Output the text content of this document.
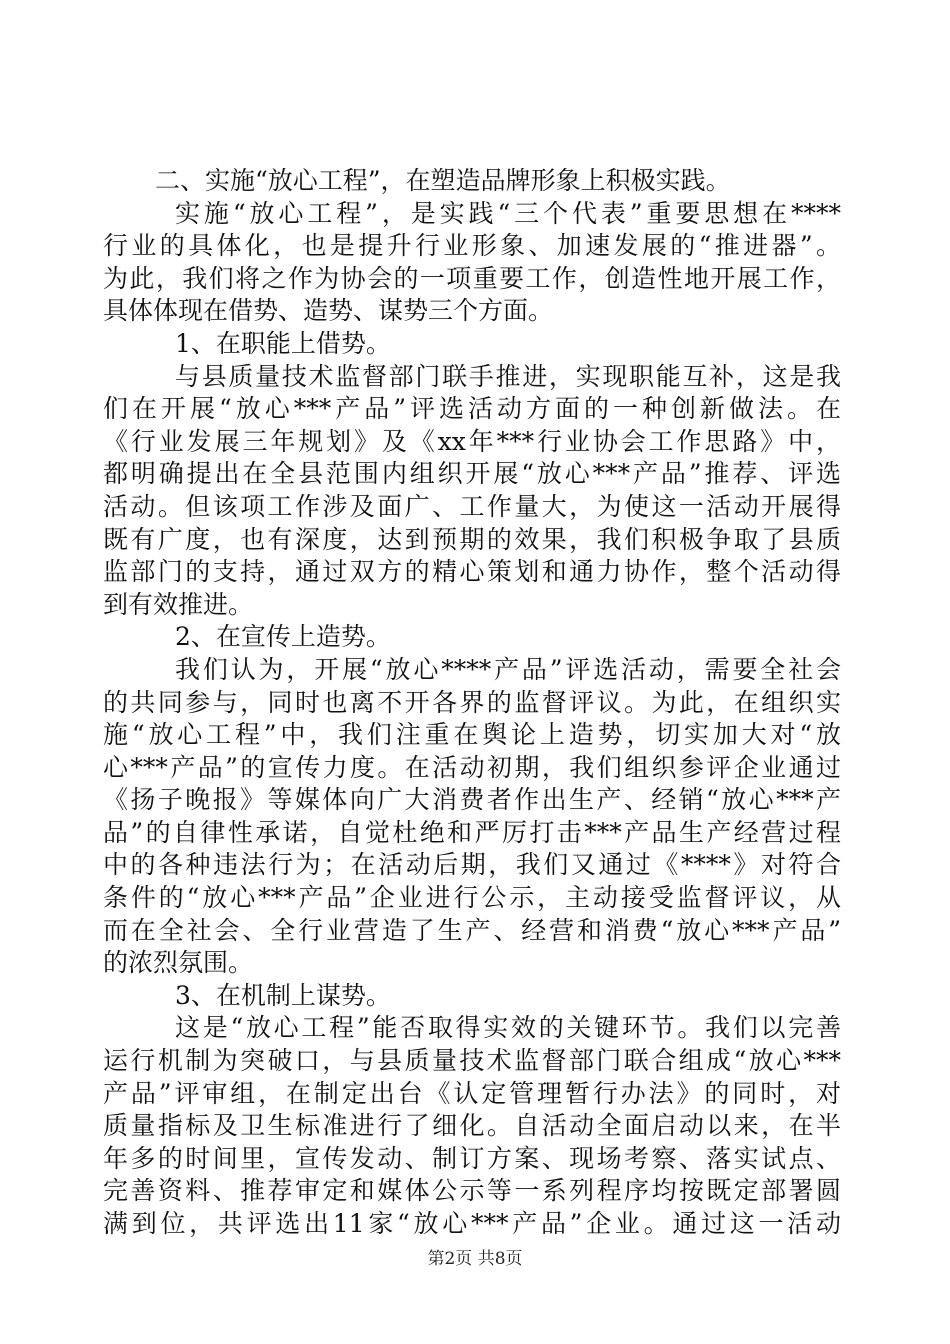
二、实施“放心工程”，在塑造品牌形象上积极实践。
实施“放心工程”，是实践“三个代表”重要思想在****
行业的具体化，也是提升行业形象、加速发展的“推进器”。
为此，我们将之作为协会的一项重要工作，创造性地开展工作，
具体体现在借势、造势、谋势三个方面。
1、在职能上借势。
与县质量技术监督部门联手推进，实现职能互补，这是我
们在开展“放心***产品”评选活动方面的一种创新做法。在
《行业发展三年规划》及《xx年***行业协会工作思路》中，
都明确提出在全县范围内组织开展“放心***产品”推荐、评选
活动。但该项工作涉及面广、工作量大，为使这一活动开展得
既有广度，也有深度，达到预期的效果，我们积极争取了县质
监部门的支持，通过双方的精心策划和通力协作，整个活动得
到有效推进。
2、在宣传上造势。
我们认为，开展“放心****产品”评选活动，需要全社会
的共同参与，同时也离不开各界的监督评议。为此，在组织实
施“放心工程”中，我们注重在舆论上造势，切实加大对“放
心***产品”的宣传力度。在活动初期，我们组织参评企业通过
《扬子晚报》等媒体向广大消费者作出生产、经销“放心***产
品”的自律性承诺，自觉杜绝和严厉打击***产品生产经营过程
中的各种违法行为；在活动后期，我们又通过《****》对符合
条件的“放心***产品”企业进行公示，主动接受监督评议，从
而在全社会、全行业营造了生产、经营和消费“放心***产品”
的浓烈氛围。
3、在机制上谋势。
这是“放心工程”能否取得实效的关键环节。我们以完善
运行机制为突破口，与县质量技术监督部门联合组成“放心***
产品”评审组，在制定出台《认定管理暂行办法》的同时，对
质量指标及卫生标准进行了细化。自活动全面启动以来，在半
年多的时间里，宣传发动、制订方案、现场考察、落实试点、
完善资料、推荐审定和媒体公示等一系列程序均按既定部署圆
满到位，共评选出11家“放心***产品”企业。通过这一活动
第2页 共8页
